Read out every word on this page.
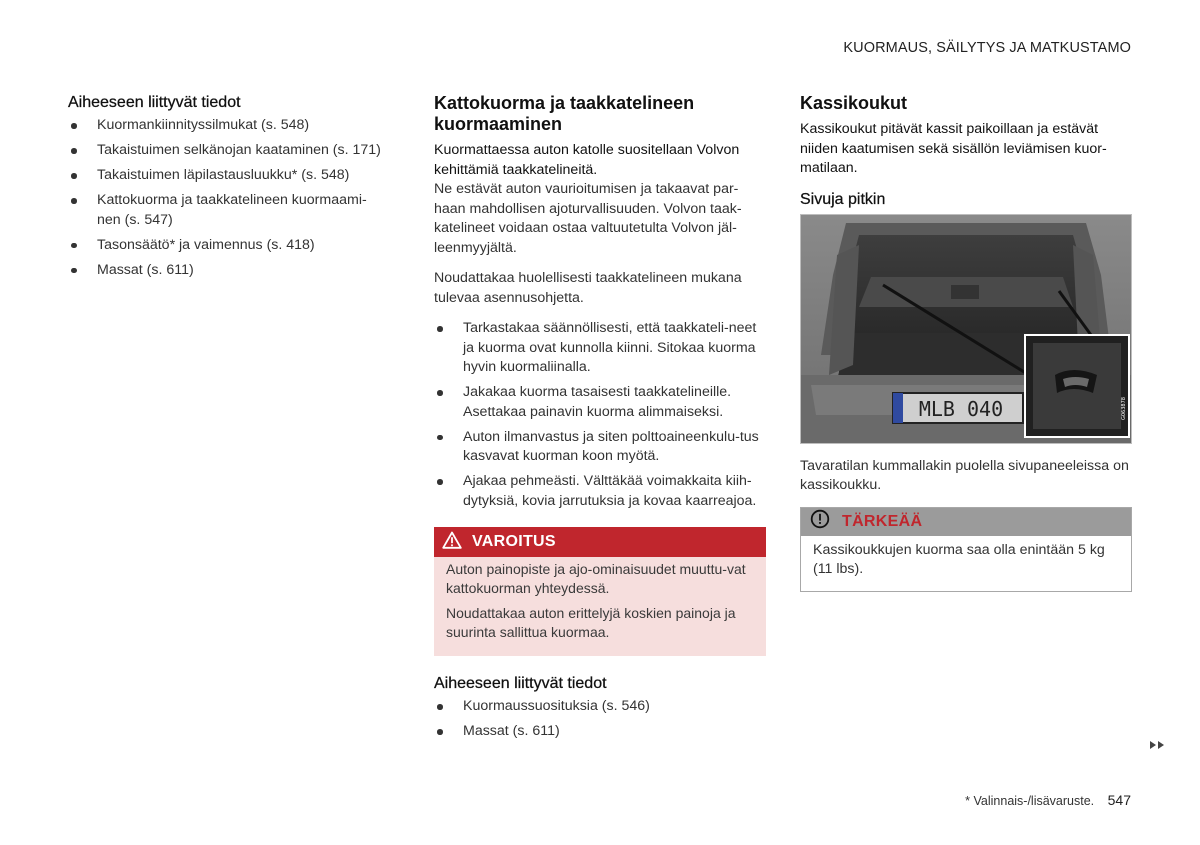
KUORMAUS, SÄILYTYS JA MATKUSTAMO
Aiheeseen liittyvät tiedot
Kuormankiinnityssilmukat (s. 548)
Takaistuimen selkänojan kaataminen (s. 171)
Takaistuimen läpilastausluukku* (s. 548)
Kattokuorma ja taakkatelineen kuormaami-nen (s. 547)
Tasonsäätö* ja vaimennus (s. 418)
Massat (s. 611)
Kattokuorma ja taakkatelineen kuormaaminen
Kuormattaessa auton katolle suositellaan Volvon kehittämiä taakkatelineitä.
Ne estävät auton vaurioitumisen ja takaavat par-haan mahdollisen ajoturvallisuuden. Volvon taak-katelineet voidaan ostaa valtuutetulta Volvon jäl-leenmyyjältä.
Noudattakaa huolellisesti taakkatelineen mukana tulevaa asennusohjetta.
Tarkastakaa säännöllisesti, että taakkateli-neet ja kuorma ovat kunnolla kiinni. Sitokaa kuorma hyvin kuormaliinalla.
Jakakaa kuorma tasaisesti taakkatelineille. Asettakaa painavin kuorma alimmaiseksi.
Auton ilmanvastus ja siten polttoaineenkulu-tus kasvavat kuorman koon myötä.
Ajakaa pehmeästi. Välttäkää voimakkaita kiih-dytyksiä, kovia jarrutuksia ja kovaa kaarreajoa.
VAROITUS
Auton painopiste ja ajo-ominaisuudet muuttu-vat kattokuorman yhteydessä.
Noudattakaa auton erittelyjä koskien painoja ja suurinta sallittua kuormaa.
Aiheeseen liittyvät tiedot
Kuormaussuosituksia (s. 546)
Massat (s. 611)
Kassikoukut
Kassikoukut pitävät kassit paikoillaan ja estävät niiden kaatumisen sekä sisällön leviämisen kuor-matilaan.
Sivuja pitkin
MLB 040	G063878
Tavaratilan kummallakin puolella sivupaneeleissa on kassikoukku.
TÄRKEÄÄ
Kassikoukkujen kuorma saa olla enintään 5 kg (11 lbs).
* Valinnais-/lisävaruste. 547
